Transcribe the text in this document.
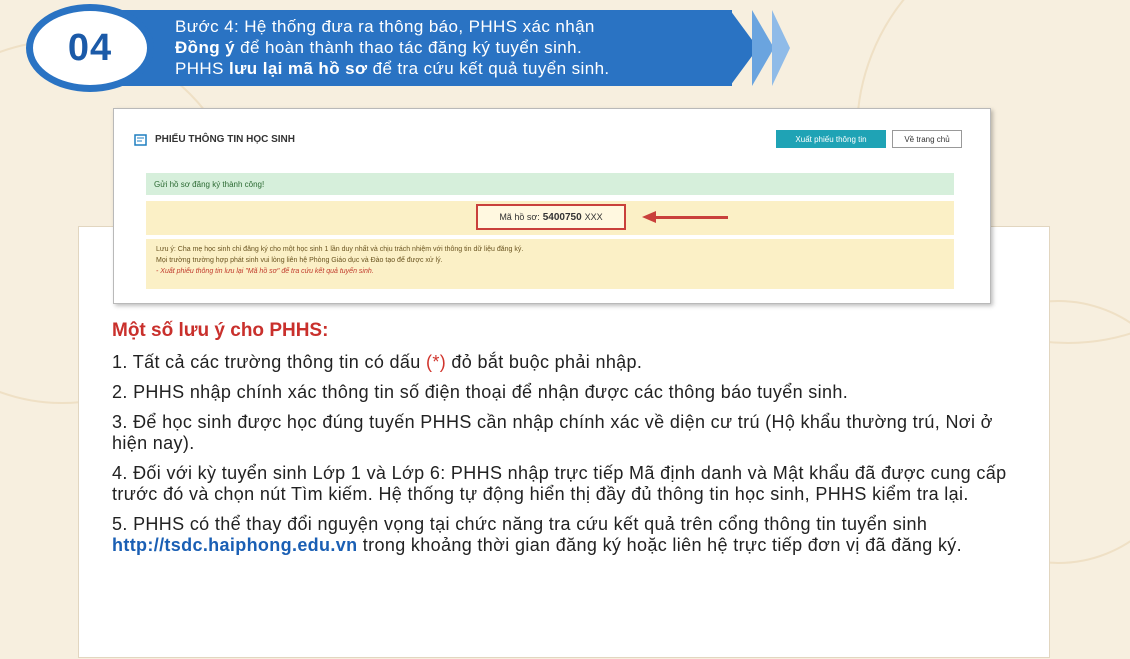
04	Bước 4: Hệ thống đưa ra thông báo, PHHS xác nhận
Đồng ý để hoàn thành thao tác đăng ký tuyển sinh.
PHHS lưu lại mã hồ sơ để tra cứu kết quả tuyển sinh.
PHIẾU THÔNG TIN HỌC SINH	Xuất phiếu thông tin	Về trang chủ
Gửi hồ sơ đăng ký thành công!
Mã hồ sơ: 5400750 XXX
Lưu ý: Cha mẹ học sinh chỉ đăng ký cho một học sinh 1 lần duy nhất và chịu trách nhiệm với thông tin dữ liệu đăng ký.
Mọi trường trường hợp phát sinh vui lòng liên hệ Phòng Giáo dục và Đào tạo để được xử lý.
- Xuất phiếu thông tin lưu lại "Mã hồ sơ" để tra cứu kết quả tuyển sinh.
Một số lưu ý cho PHHS:
1. Tất cả các trường thông tin có dấu (*) đỏ bắt buộc phải nhập.
2. PHHS nhập chính xác thông tin số điện thoại để nhận được các thông báo tuyển sinh.
3. Để học sinh được học đúng tuyến PHHS cần nhập chính xác về diện cư trú (Hộ khẩu thường trú, Nơi ở hiện nay).
4. Đối với kỳ tuyển sinh Lớp 1 và Lớp 6: PHHS nhập trực tiếp Mã định danh và Mật khẩu đã được cung cấp trước đó và chọn nút Tìm kiếm. Hệ thống tự động hiển thị đầy đủ thông tin học sinh, PHHS kiểm tra lại.
5. PHHS có thể thay đổi nguyện vọng tại chức năng tra cứu kết quả trên cổng thông tin tuyển sinh http://tsdc.haiphong.edu.vn trong khoảng thời gian đăng ký hoặc liên hệ trực tiếp đơn vị đã đăng ký.
